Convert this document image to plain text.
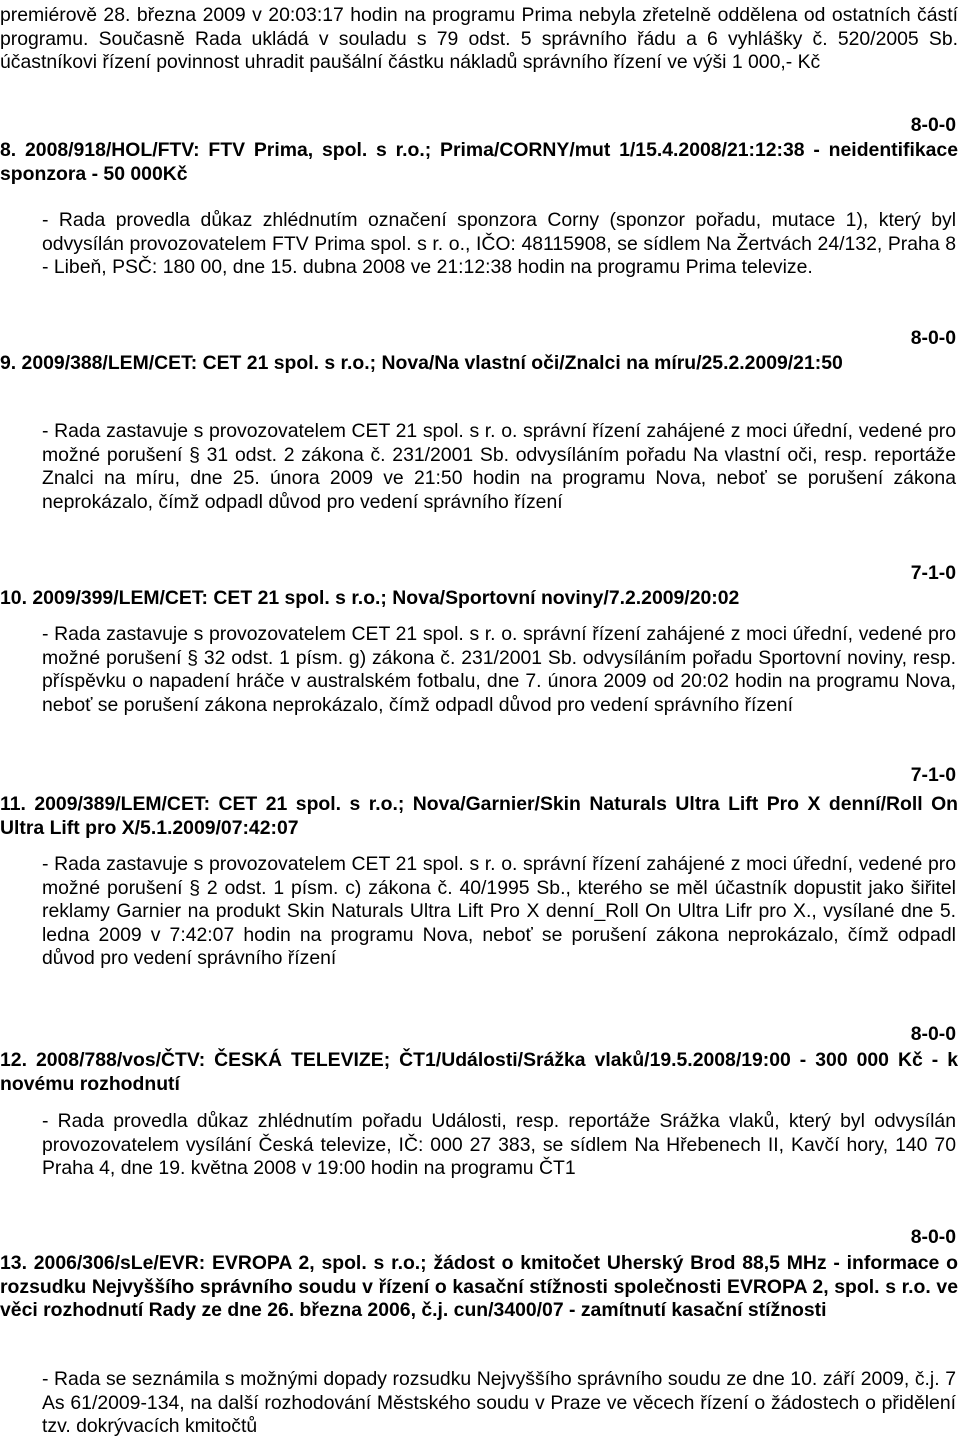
premiérově 28. března 2009 v 20:03:17 hodin na programu Prima nebyla zřetelně oddělena od ostatních částí programu. Současně Rada ukládá v souladu s 79 odst. 5 správního řádu a 6 vyhlášky č. 520/2005 Sb. účastníkovi řízení povinnost uhradit paušální částku nákladů správního řízení ve výši 1 000,- Kč

8-0-0

8. 2008/918/HOL/FTV: FTV Prima, spol. s r.o.; Prima/CORNY/mut 1/15.4.2008/21:12:38 - neidentifikace sponzora - 50 000Kč

- Rada provedla důkaz zhlédnutím označení sponzora Corny (sponzor pořadu, mutace 1), který byl odvysílán provozovatelem FTV Prima spol. s r. o., IČO: 48115908, se sídlem Na Žertvách 24/132, Praha 8 - Libeň, PSČ: 180 00, dne 15. dubna 2008 ve 21:12:38 hodin na programu Prima televize.

8-0-0

9. 2009/388/LEM/CET: CET 21 spol. s r.o.; Nova/Na vlastní oči/Znalci na míru/25.2.2009/21:50

- Rada zastavuje s provozovatelem CET 21 spol. s r. o. správní řízení zahájené z moci úřední, vedené pro možné porušení § 31 odst. 2 zákona č. 231/2001 Sb. odvysíláním pořadu Na vlastní oči, resp. reportáže Znalci na míru, dne 25. února 2009 ve 21:50 hodin na programu Nova, neboť se porušení zákona neprokázalo, čímž odpadl důvod pro vedení správního řízení

7-1-0

10. 2009/399/LEM/CET: CET 21 spol. s r.o.; Nova/Sportovní noviny/7.2.2009/20:02

- Rada zastavuje s provozovatelem CET 21 spol. s r. o. správní řízení zahájené z moci úřední, vedené pro možné porušení § 32 odst. 1 písm. g) zákona č. 231/2001 Sb. odvysíláním pořadu Sportovní noviny, resp. příspěvku o napadení hráče v australském fotbalu, dne 7. února 2009 od 20:02 hodin na programu Nova, neboť se porušení zákona neprokázalo, čímž odpadl důvod pro vedení správního řízení

7-1-0

11. 2009/389/LEM/CET: CET 21 spol. s r.o.; Nova/Garnier/Skin Naturals Ultra Lift Pro X denní/Roll On Ultra Lift pro X/5.1.2009/07:42:07

- Rada zastavuje s provozovatelem CET 21 spol. s r. o. správní řízení zahájené z moci úřední, vedené pro možné porušení § 2 odst. 1 písm. c) zákona č. 40/1995 Sb., kterého se měl účastník dopustit jako šiřitel reklamy Garnier na produkt Skin Naturals Ultra Lift Pro X denní_Roll On Ultra Lifr pro X., vysílané dne 5. ledna 2009 v 7:42:07 hodin na programu Nova, neboť se porušení zákona neprokázalo, čímž odpadl důvod pro vedení správního řízení

8-0-0

12. 2008/788/vos/ČTV: ČESKÁ TELEVIZE; ČT1/Události/Srážka vlaků/19.5.2008/19:00 - 300 000 Kč - k novému rozhodnutí

- Rada provedla důkaz zhlédnutím pořadu Události, resp. reportáže Srážka vlaků, který byl odvysílán provozovatelem vysílání Česká televize, IČ: 000 27 383, se sídlem Na Hřebenech II, Kavčí hory, 140 70 Praha 4, dne 19. května 2008 v 19:00 hodin na programu ČT1

8-0-0

13. 2006/306/sLe/EVR: EVROPA 2, spol. s r.o.; žádost o kmitočet Uherský Brod 88,5 MHz - informace o rozsudku Nejvyššího správního soudu v řízení o kasační stížnosti společnosti EVROPA 2, spol. s r.o. ve věci rozhodnutí Rady ze dne 26. března 2006, č.j. cun/3400/07 - zamítnutí kasační stížnosti

- Rada se seznámila s možnými dopady rozsudku Nejvyššího správního soudu ze dne 10. září 2009, č.j. 7 As 61/2009-134, na další rozhodování Městského soudu v Praze ve věcech řízení o žádostech o přidělení tzv. dokrývacích kmitočtů
